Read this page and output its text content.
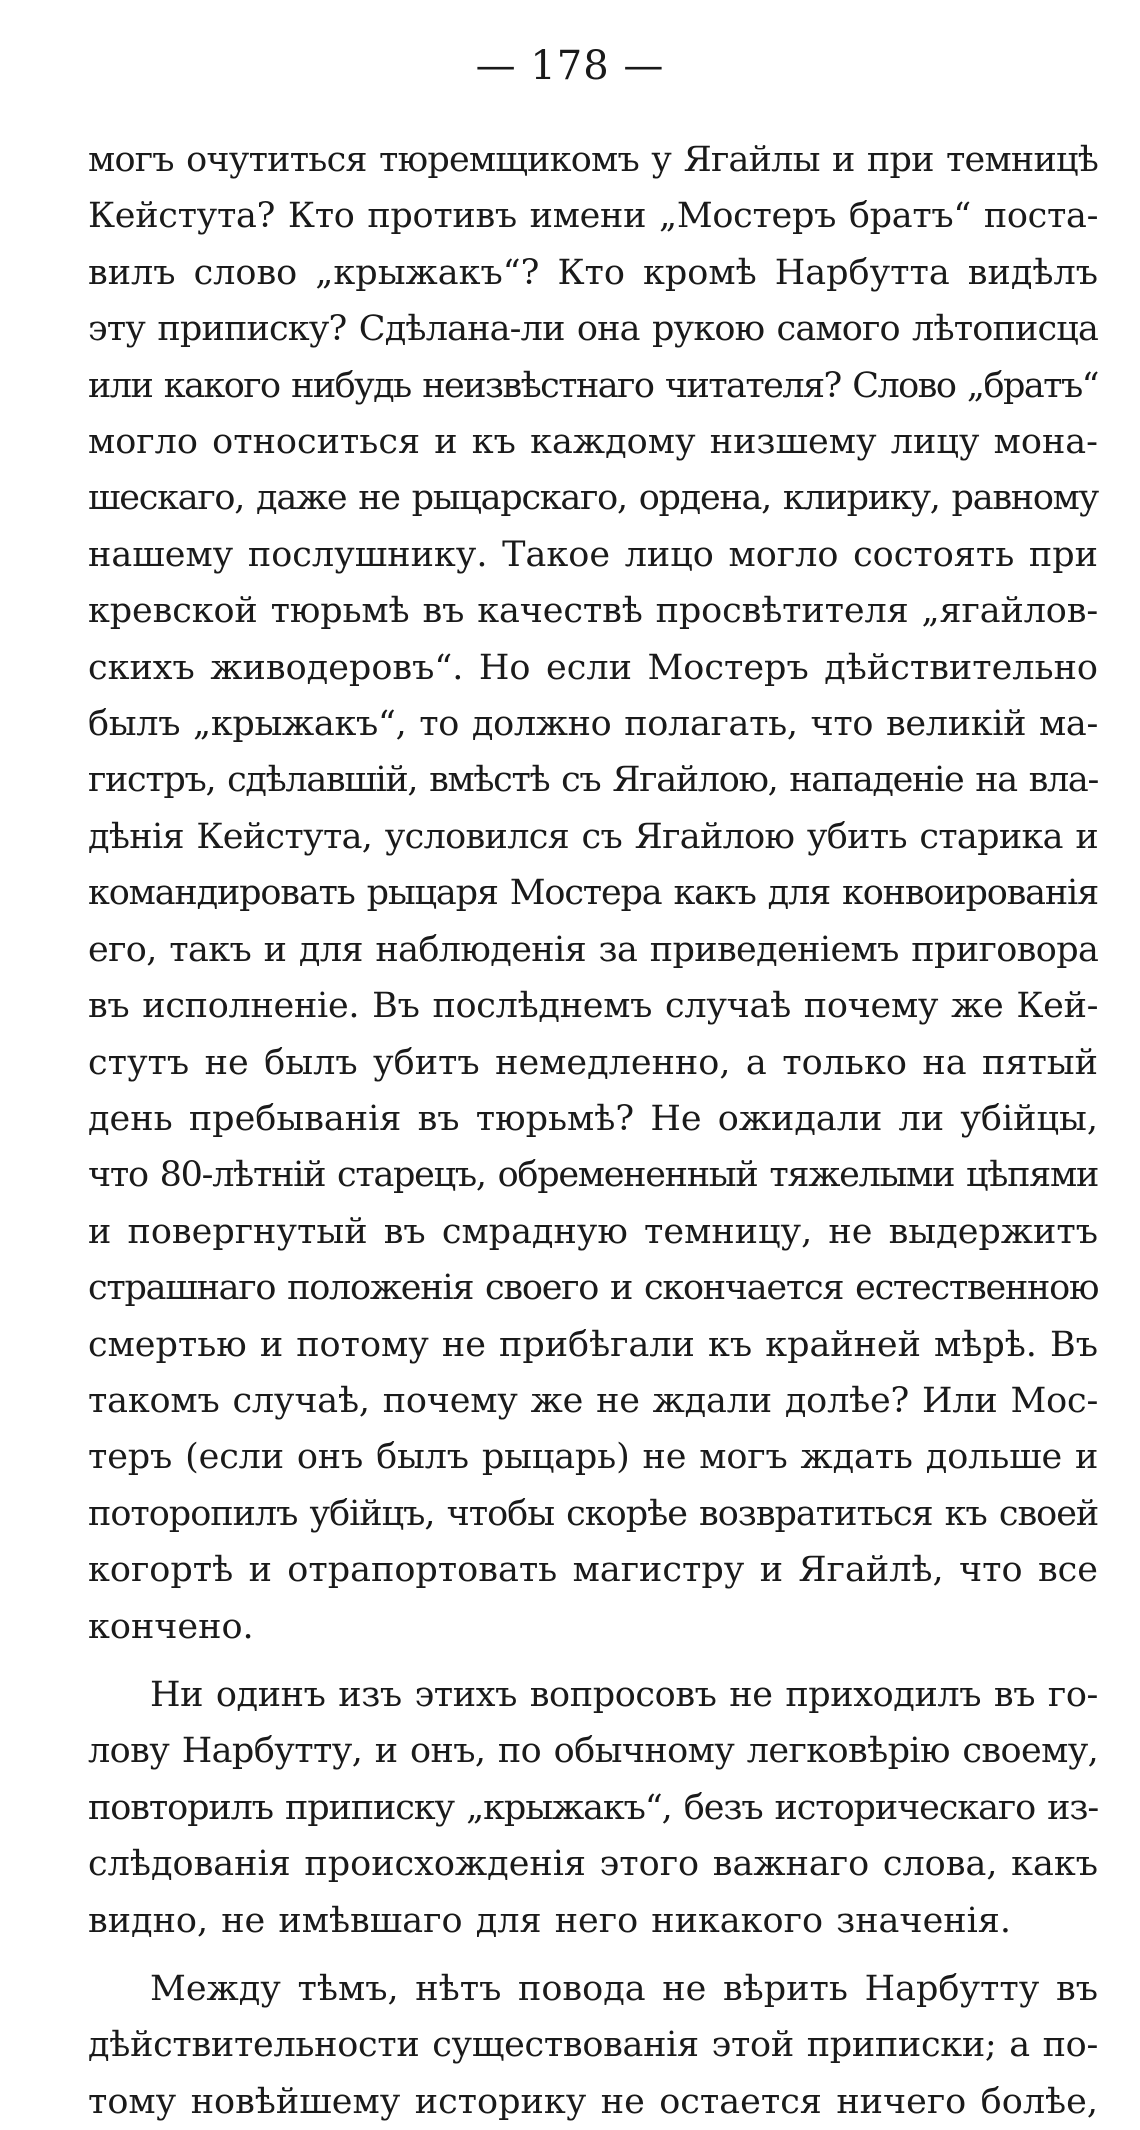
— 178 —
могъ очутиться тюремщикомъ у Ягайлы и при темницѣ
Кейстута? Кто противъ имени „Мостеръ братъ“ поста-
вилъ слово „крыжакъ“? Кто кромѣ Нарбутта видѣлъ
эту приписку? Сдѣлана-ли она рукою самого лѣтописца
или какого нибудь неизвѣстнаго читателя? Слово „братъ“
могло относиться и къ каждому низшему лицу мона-
шескаго, даже не рыцарскаго, ордена, клирику, равному
нашему послушнику. Такое лицо могло состоять при
кревской тюрьмѣ въ качествѣ просвѣтителя „ягайлов-
скихъ живодеровъ“. Но если Мостеръ дѣйствительно
былъ „крыжакъ“, то должно полагать, что великій ма-
гистръ, сдѣлавшій, вмѣстѣ съ Ягайлою, нападеніе на вла-
дѣнія Кейстута, условился съ Ягайлою убить старика и
командировать рыцаря Мостера какъ для конвоированія
его, такъ и для наблюденія за приведеніемъ приговора
въ исполненіе. Въ послѣднемъ случаѣ почему же Кей-
стутъ не былъ убитъ немедленно, а только на пятый
день пребыванія въ тюрьмѣ? Не ожидали ли убійцы,
что 80-лѣтній старецъ, обремененный тяжелыми цѣпями
и повергнутый въ смрадную темницу, не выдержитъ
страшнаго положенія своего и скончается естественною
смертью и потому не прибѣгали къ крайней мѣрѣ. Въ
такомъ случаѣ, почему же не ждали долѣе? Или Мос-
теръ (если онъ былъ рыцарь) не могъ ждать дольше и
поторопилъ убійцъ, чтобы скорѣе возвратиться къ своей
когортѣ и отрапортовать магистру и Ягайлѣ, что все
кончено.
Ни одинъ изъ этихъ вопросовъ не приходилъ въ го-
лову Нарбутту, и онъ, по обычному легковѣрію своему,
повторилъ приписку „крыжакъ“, безъ историческаго из-
слѣдованія происхожденія этого важнаго слова, какъ
видно, не имѣвшаго для него никакого значенія.
Между тѣмъ, нѣтъ повода не вѣрить Нарбутту въ
дѣйствительности существованія этой приписки; а по-
тому новѣйшему историку не остается ничего болѣе,
